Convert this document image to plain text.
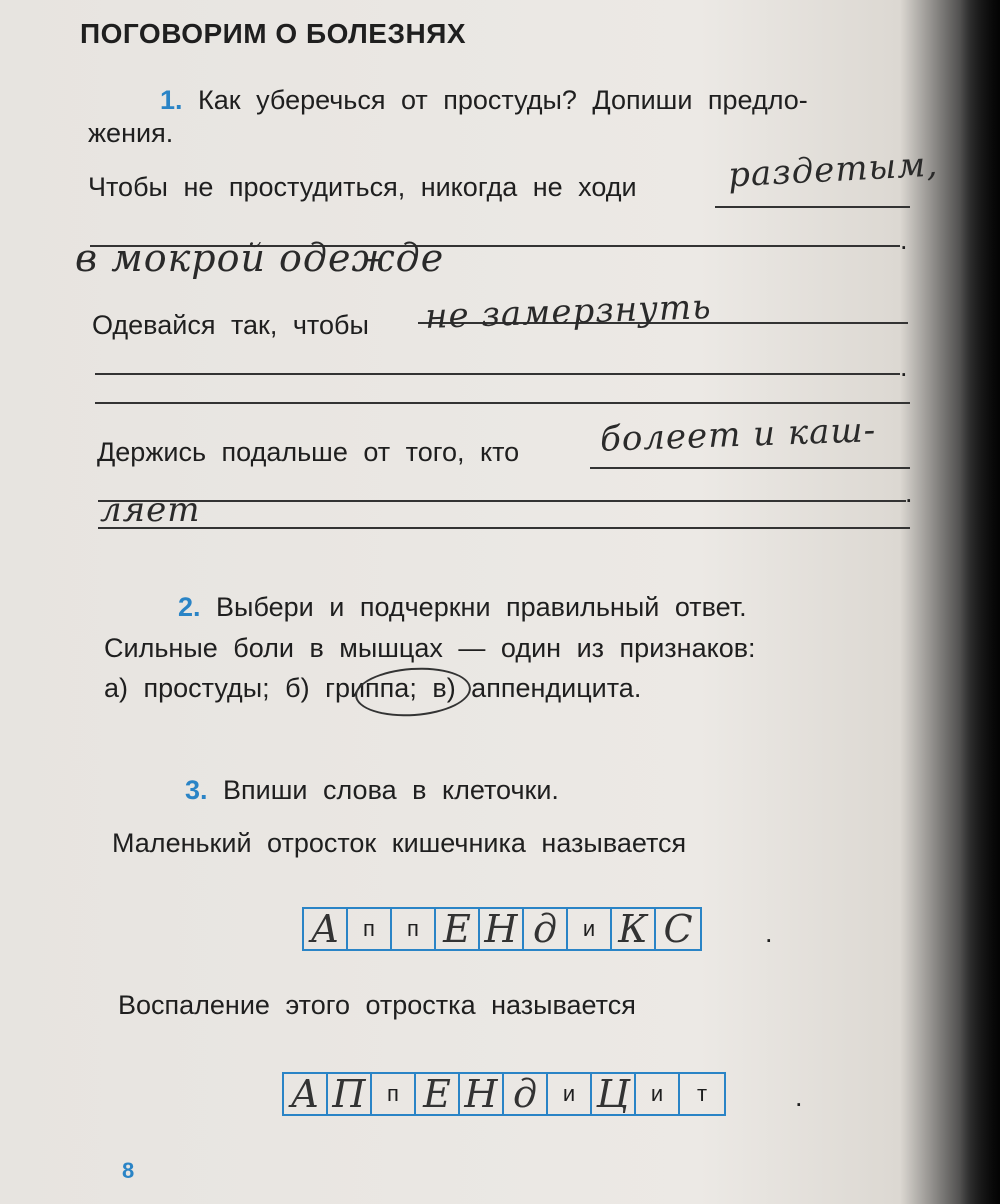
ПОГОВОРИМ О БОЛЕЗНЯХ
1. Как уберечься от простуды? Допиши предло-
жения.
Чтобы не простудиться, никогда не ходи	раздетым,
в мокрой одежде	.
Одевайся так, чтобы не замерзнуть
.
Держись подальше от того, кто болеет и каш-
.
ляет
2. Выбери и подчеркни правильный ответ.
Сильные боли в мышцах — один из признаков:
а) простуды; б) гриппа; в) аппендицита.
3. Впиши слова в клеточки.
Маленький отросток кишечника называется
А п п Е Н д и К С	.
Воспаление этого отростка называется
А П п Е Н д и Ц и т	.
8
